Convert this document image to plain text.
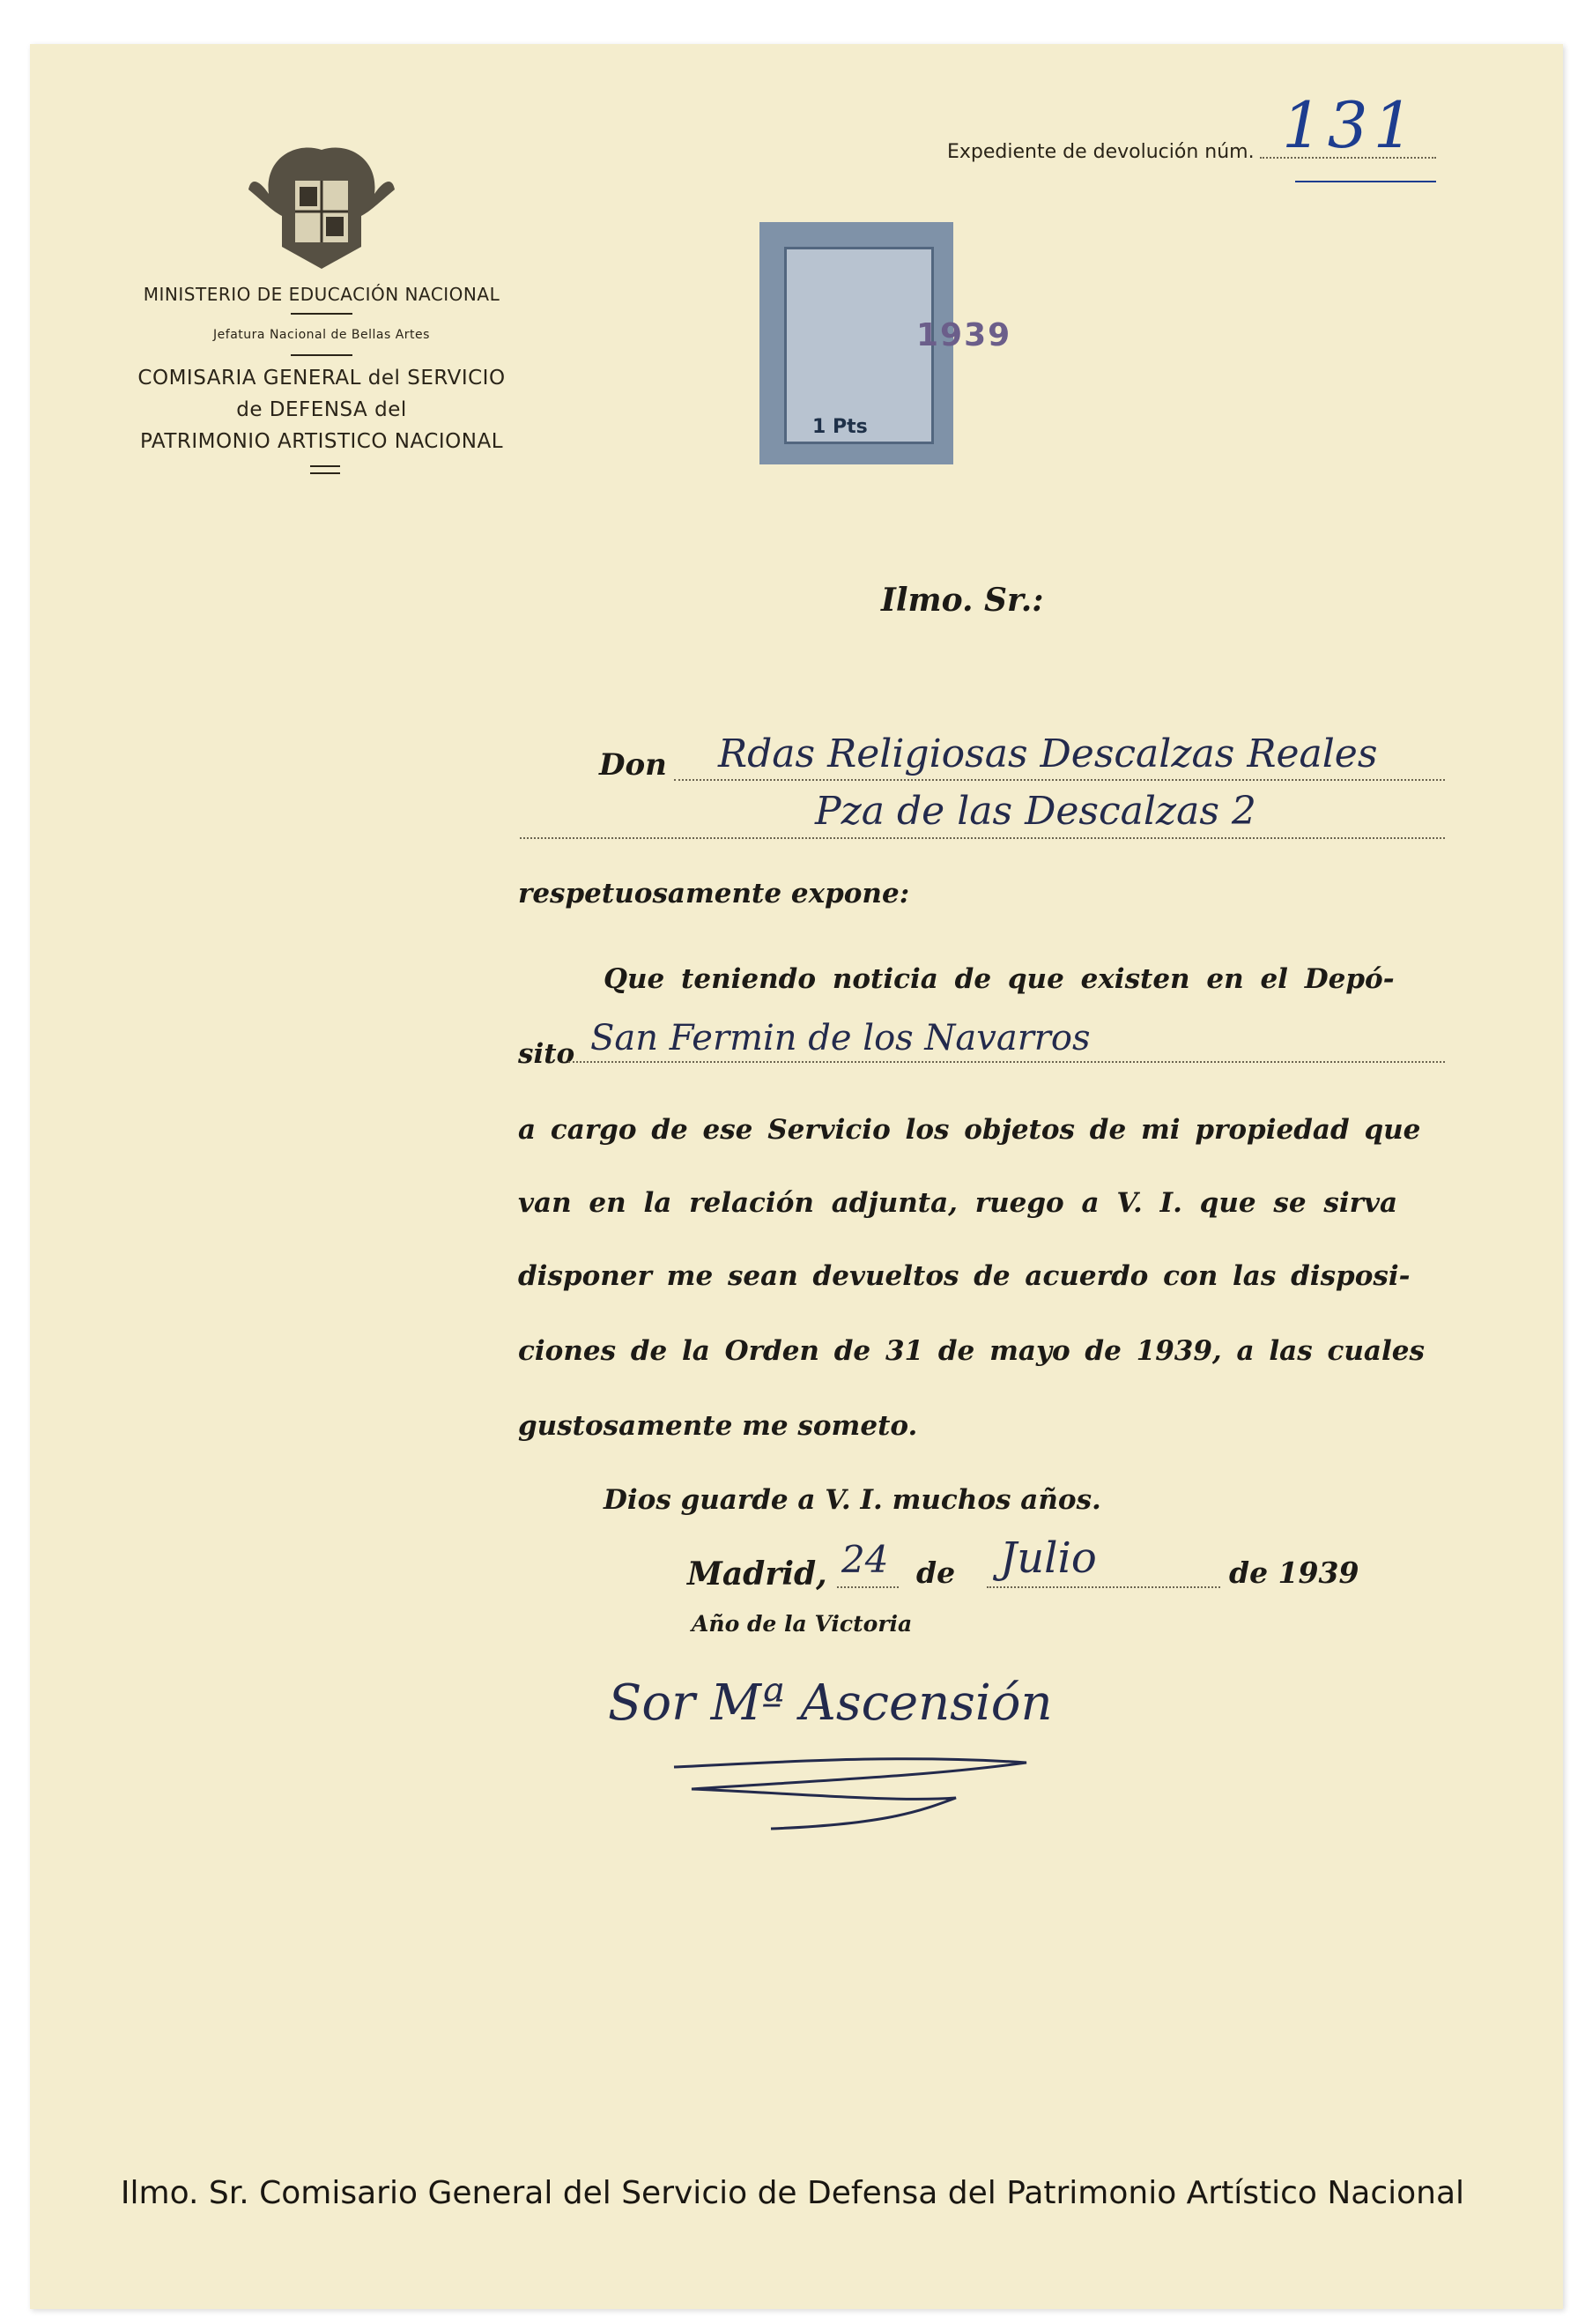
Expediente de devolución núm. 131
MINISTERIO DE EDUCACIÓN NACIONAL
Jefatura Nacional de Bellas Artes
COMISARIA GENERAL del SERVICIO
de DEFENSA del
PATRIMONIO ARTISTICO NACIONAL
1 Pts
1939
Ilmo. Sr.:
Don Rdas Religiosas Descalzas Reales
Pza de las Descalzas 2
respetuosamente expone:
Que teniendo noticia de que existen en el Depó-
sito San Fermin de los Navarros
a cargo de ese Servicio los objetos de mi propiedad que
van en la relación adjunta, ruego a V. I. que se sirva
disponer me sean devueltos de acuerdo con las disposi-
ciones de la Orden de 31 de mayo de 1939, a las cuales
gustosamente me someto.
Dios guarde a V. I. muchos años.
Madrid, 24 de Julio	de 1939
Año de la Victoria
Sor Mª Ascensión
Ilmo. Sr. Comisario General del Servicio de Defensa del Patrimonio Artístico Nacional
